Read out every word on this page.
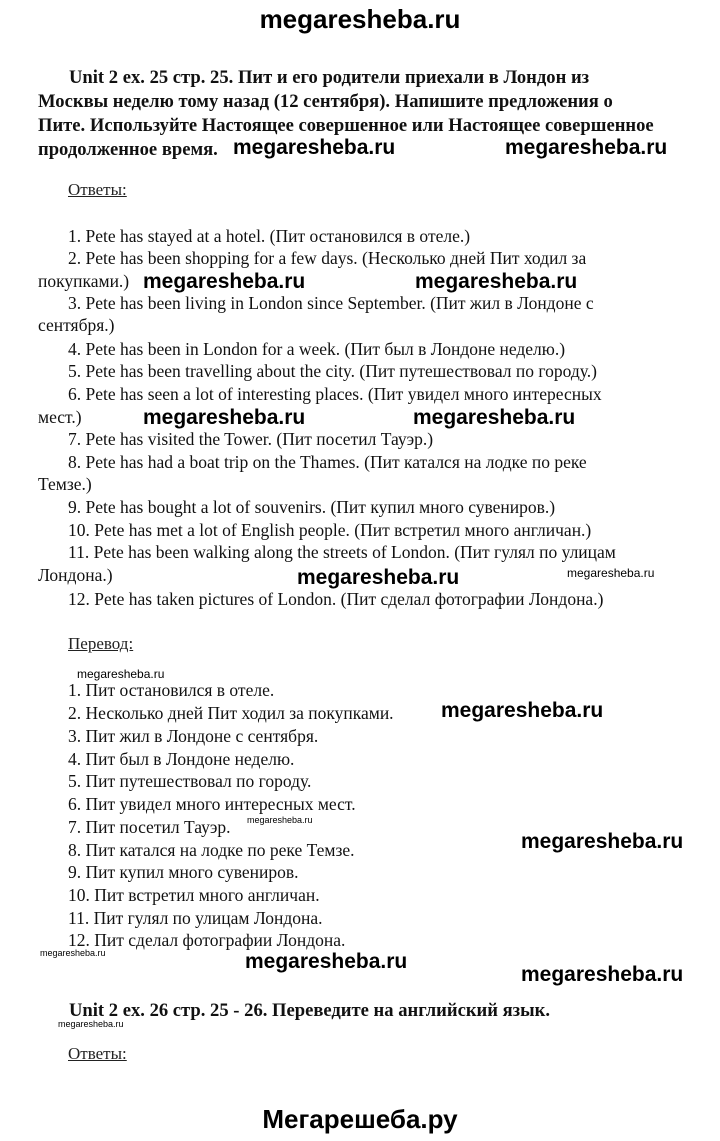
megaresheba.ru
Unit 2 ex. 25 стр. 25. Пит и его родители приехали в Лондон из
Москвы неделю тому назад (12 сентября). Напишите предложения о
Пите. Используйте Настоящее совершенное или Настоящее совершенное
продолженное время.
Ответы:
1. Pete has stayed at a hotel. (Пит остановился в отеле.)
2. Pete has been shopping for a few days. (Несколько дней Пит ходил за
покупками.)
3. Pete has been living in London since September. (Пит жил в Лондоне с
сентября.)
4. Pete has been in London for a week. (Пит был в Лондоне неделю.)
5. Pete has been travelling about the city. (Пит путешествовал по городу.)
6. Pete has seen a lot of interesting places. (Пит увидел много интересных
мест.)
7. Pete has visited the Tower. (Пит посетил Тауэр.)
8. Pete has had a boat trip on the Thames. (Пит катался на лодке по реке
Темзе.)
9. Pete has bought a lot of souvenirs. (Пит купил много сувениров.)
10. Pete has met a lot of English people. (Пит встретил много англичан.)
11. Pete has been walking along the streets of London. (Пит гулял по улицам
Лондона.)
12. Pete has taken pictures of London. (Пит сделал фотографии Лондона.)
Перевод:
1. Пит остановился в отеле.
2. Несколько дней Пит ходил за покупками.
3. Пит жил в Лондоне с сентября.
4. Пит был в Лондоне неделю.
5. Пит путешествовал по городу.
6. Пит увидел много интересных мест.
7. Пит посетил Тауэр.
8. Пит катался на лодке по реке Темзе.
9. Пит купил много сувениров.
10. Пит встретил много англичан.
11. Пит гулял по улицам Лондона.
12. Пит сделал фотографии Лондона.
Unit 2 ex. 26 стр. 25 - 26. Переведите на английский язык.
Ответы:
Мегарешеба.ру
megaresheba.ru	megaresheba.ru
megaresheba.ru	megaresheba.ru
megaresheba.ru	megaresheba.ru
megaresheba.ru	megaresheba.ru
megaresheba.ru
megaresheba.ru
megaresheba.ru
megaresheba.ru
megaresheba.ru	megaresheba.ru
megaresheba.ru
megaresheba.ru
